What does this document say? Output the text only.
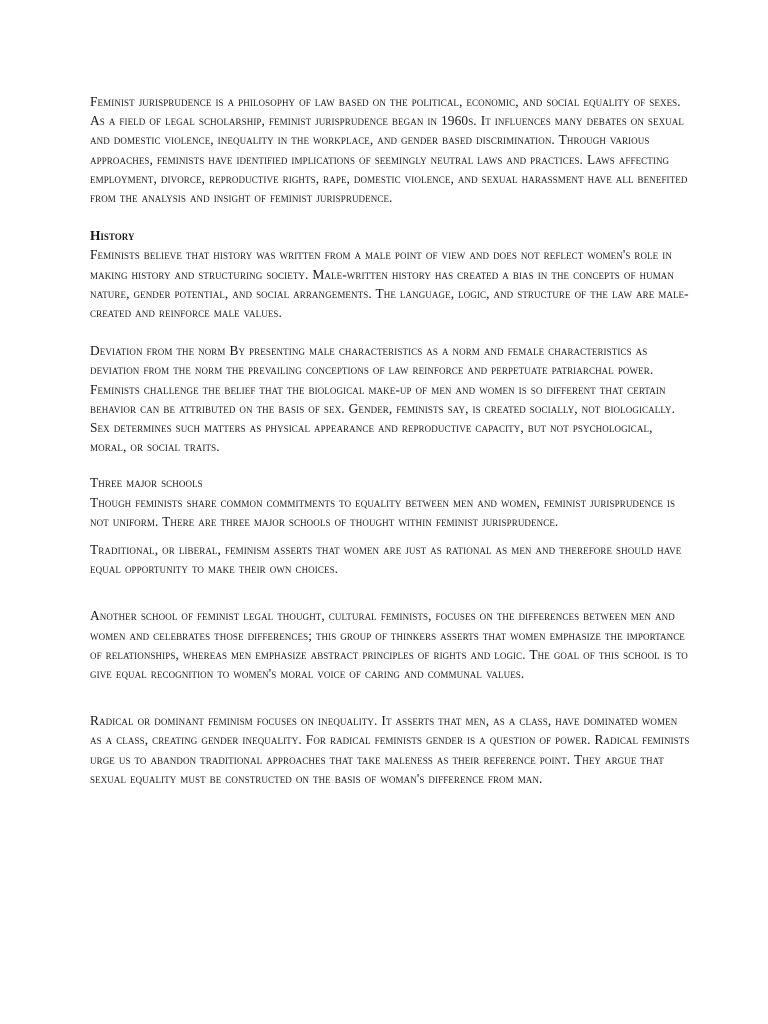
Feminist jurisprudence is a philosophy of law based on the political, economic, and social equality of sexes. As a field of legal scholarship, feminist jurisprudence began in 1960s. It influences many debates on sexual and domestic violence, inequality in the workplace, and gender based discrimination. Through various approaches, feminists have identified implications of seemingly neutral laws and practices. Laws affecting employment, divorce, reproductive rights, rape, domestic violence, and sexual harassment have all benefited from the analysis and insight of feminist jurisprudence.

History

Feminists believe that history was written from a male point of view and does not reflect women's role in making history and structuring society. Male-written history has created a bias in the concepts of human nature, gender potential, and social arrangements. The language, logic, and structure of the law are male-created and reinforce male values.

Deviation from the norm By presenting male characteristics as a norm and female characteristics as deviation from the norm the prevailing conceptions of law reinforce and perpetuate patriarchal power. Feminists challenge the belief that the biological make-up of men and women is so different that certain behavior can be attributed on the basis of sex. Gender, feminists say, is created socially, not biologically. Sex determines such matters as physical appearance and reproductive capacity, but not psychological, moral, or social traits.

Three major schools

Though feminists share common commitments to equality between men and women, feminist jurisprudence is not uniform. There are three major schools of thought within feminist jurisprudence.

Traditional, or liberal, feminism asserts that women are just as rational as men and therefore should have equal opportunity to make their own choices.

Another school of feminist legal thought, cultural feminists, focuses on the differences between men and women and celebrates those differences; this group of thinkers asserts that women emphasize the importance of relationships, whereas men emphasize abstract principles of rights and logic. The goal of this school is to give equal recognition to women's moral voice of caring and communal values.

Radical or dominant feminism focuses on inequality. It asserts that men, as a class, have dominated women as a class, creating gender inequality. For radical feminists gender is a question of power. Radical feminists urge us to abandon traditional approaches that take maleness as their reference point. They argue that sexual equality must be constructed on the basis of woman's difference from man.
